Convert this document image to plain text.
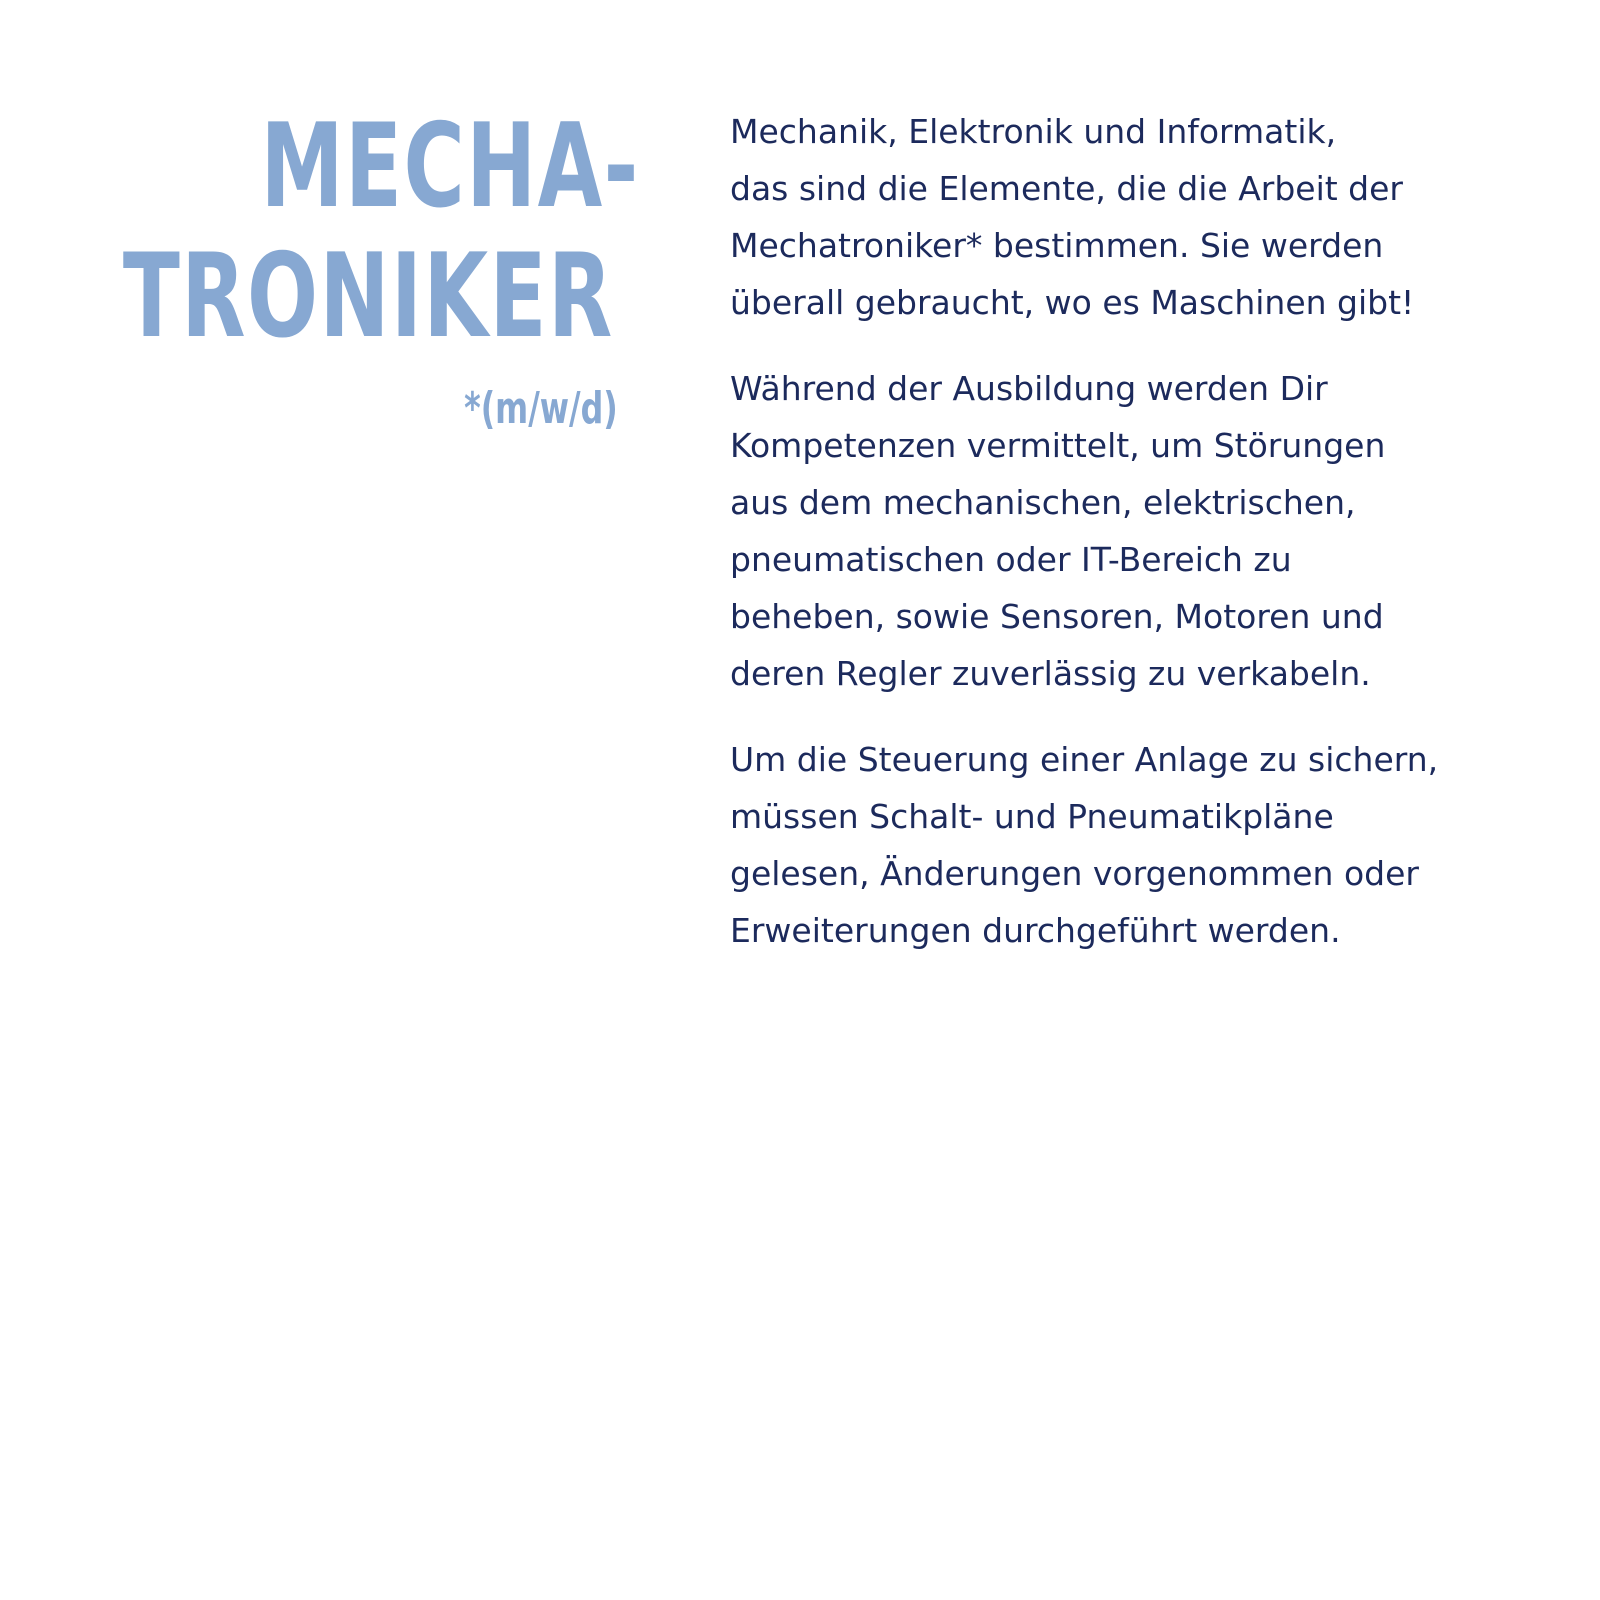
MECHA-
TRONIKER
*(m/w/d)

Mechanik, Elektronik und Informatik,
das sind die Elemente, die die Arbeit der
Mechatroniker* bestimmen. Sie werden
überall gebraucht, wo es Maschinen gibt!

Während der Ausbildung werden Dir
Kompetenzen vermittelt, um Störungen
aus dem mechanischen, elektrischen,
pneumatischen oder IT-Bereich zu
beheben, sowie Sensoren, Motoren und
deren Regler zuverlässig zu verkabeln.

Um die Steuerung einer Anlage zu sichern,
müssen Schalt- und Pneumatikpläne
gelesen, Änderungen vorgenommen oder
Erweiterungen durchgeführt werden.
